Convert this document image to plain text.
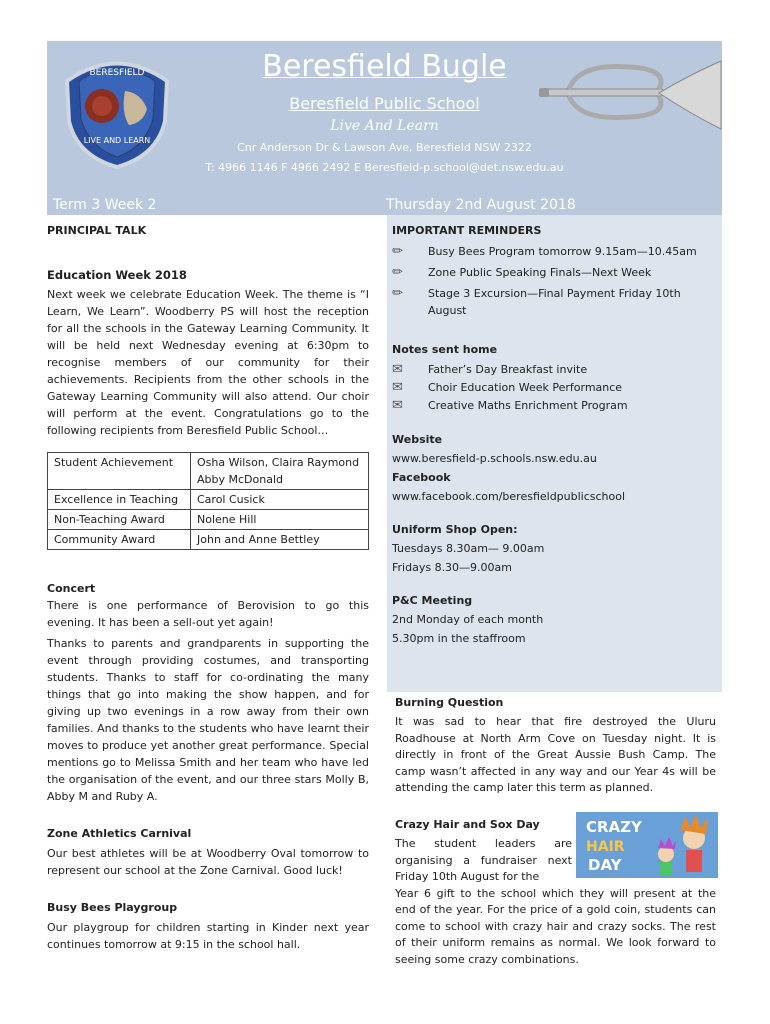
BERESFIELD
LIVE AND LEARN
Beresfield Bugle
Beresfield Public School
Live And Learn
Cnr Anderson Dr & Lawson Ave, Beresfield NSW 2322
T: 4966 1146 F 4966 2492 E Beresfield-p.school@det.nsw.edu.au
Term 3 Week 2	Thursday 2nd August 2018

PRINCIPAL TALK

Education Week 2018

Next week we celebrate Education Week. The theme is “I Learn, We Learn”. Woodberry PS will host the reception for all the schools in the Gateway Learning Community. It will be held next Wednesday evening at 6:30pm to recognise members of our community for their achievements. Recipients from the other schools in the Gateway Learning Community will also attend. Our choir will perform at the event. Congratulations go to the following recipients from Beresfield Public School…

Student Achievement	Osha Wilson, Claira Raymond Abby McDonald
Excellence in Teaching	Carol Cusick
Non-Teaching Award	Nolene Hill
Community Award	John and Anne Bettley

Concert

There is one performance of Berovision to go this evening. It has been a sell-out yet again!

Thanks to parents and grandparents in supporting the event through providing costumes, and transporting students. Thanks to staff for co-ordinating the many things that go into making the show happen, and for giving up two evenings in a row away from their own families. And thanks to the students who have learnt their moves to produce yet another great performance. Special mentions go to Melissa Smith and her team who have led the organisation of the event, and our three stars Molly B, Abby M and Ruby A.

Zone Athletics Carnival

Our best athletes will be at Woodberry Oval tomorrow to represent our school at the Zone Carnival. Good luck!

Busy Bees Playgroup

Our playgroup for children starting in Kinder next year continues tomorrow at 9:15 in the school hall.

IMPORTANT REMINDERS

✏	Busy Bees Program tomorrow 9.15am—10.45am
✏	Zone Public Speaking Finals—Next Week
✏	Stage 3 Excursion—Final Payment Friday 10th August

Notes sent home

✉	Father’s Day Breakfast invite
✉	Choir Education Week Performance
✉	Creative Maths Enrichment Program

Website

www.beresfield-p.schools.nsw.edu.au

Facebook

www.facebook.com/beresfieldpublicschool

Uniform Shop Open:

Tuesdays 8.30am— 9.00am

Fridays 8.30—9.00am

P&C Meeting

2nd Monday of each month

5.30pm in the staffroom

Burning Question

It was sad to hear that fire destroyed the Uluru Roadhouse at North Arm Cove on Tuesday night. It is directly in front of the Great Aussie Bush Camp. The camp wasn’t affected in any way and our Year 4s will be attending the camp later this term as planned.

CRAZY
HAIR
DAY

Crazy Hair and Sox Day

The student leaders are organising a fundraiser next Friday 10th August for the

Year 6 gift to the school which they will present at the end of the year. For the price of a gold coin, students can come to school with crazy hair and crazy socks. The rest of their uniform remains as normal. We look forward to seeing some crazy combinations.
